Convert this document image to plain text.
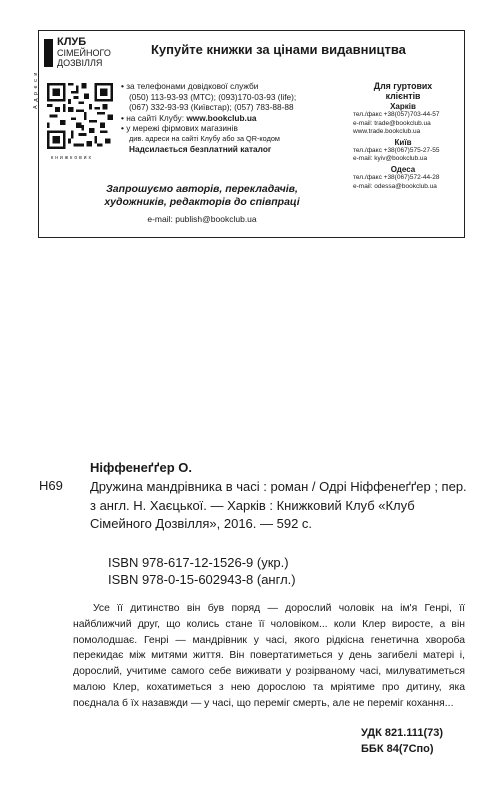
КЛУБ
СІМЕЙНОГО
ДОЗВІЛЛЯ
Купуйте книжки за цінами видавництва
А д р е с и
книжкових
• за телефонами довідкової служби
(050) 113-93-93 (МТС); (093)170-03-93 (life);
(067) 332-93-93 (Київстар); (057) 783-88-88
• на сайті Клубу: www.bookclub.ua
• у мережі фірмових магазинів
див. адреси на сайті Клубу або за QR-кодом
Надсилається безплатний каталог
Запрошуємо авторів, перекладачів,
художників, редакторів до співпраці
e-mail: publish@bookclub.ua
Для гуртових
клієнтів
Харків
тел./факс +38(057)703-44-57
e-mail: trade@bookclub.ua
www.trade.bookclub.ua
Київ
тел./факс +38(067)575-27-55
e-mail: kyiv@bookclub.ua
Одеса
тел./факс +38(067)572-44-28
e-mail: odessa@bookclub.ua
Ніффенеґґер О.
Н69 Дружина мандрівника в часі : роман / Одрі Ніффенеґґер ; пер. з англ. Н. Хаєцької. — Харків : Книжковий Клуб «Клуб Сімейного Дозвілля», 2016. — 592 с.
ISBN 978-617-12-1526-9 (укр.)
ISBN 978-0-15-602943-8 (англ.)
Усе її дитинство він був поряд — дорослий чоловік на ім'я Генрі, її найближчий друг, що колись стане її чоловіком... коли Клер виросте, а він помолодшає. Генрі — мандрівник у часі, якого рідкісна генетична хвороба перекидає між митями життя. Він повертатиметься у день загибелі матері і, дорослий, учитиме самого себе виживати у розірваному часі, милуватиметься малою Клер, кохатиметься з нею дорослою та мріятиме про дитину, яка поєднала б їх назавжди — у часі, що переміг смерть, але не переміг кохання...
УДК 821.111(73)
ББК 84(7Спо)
